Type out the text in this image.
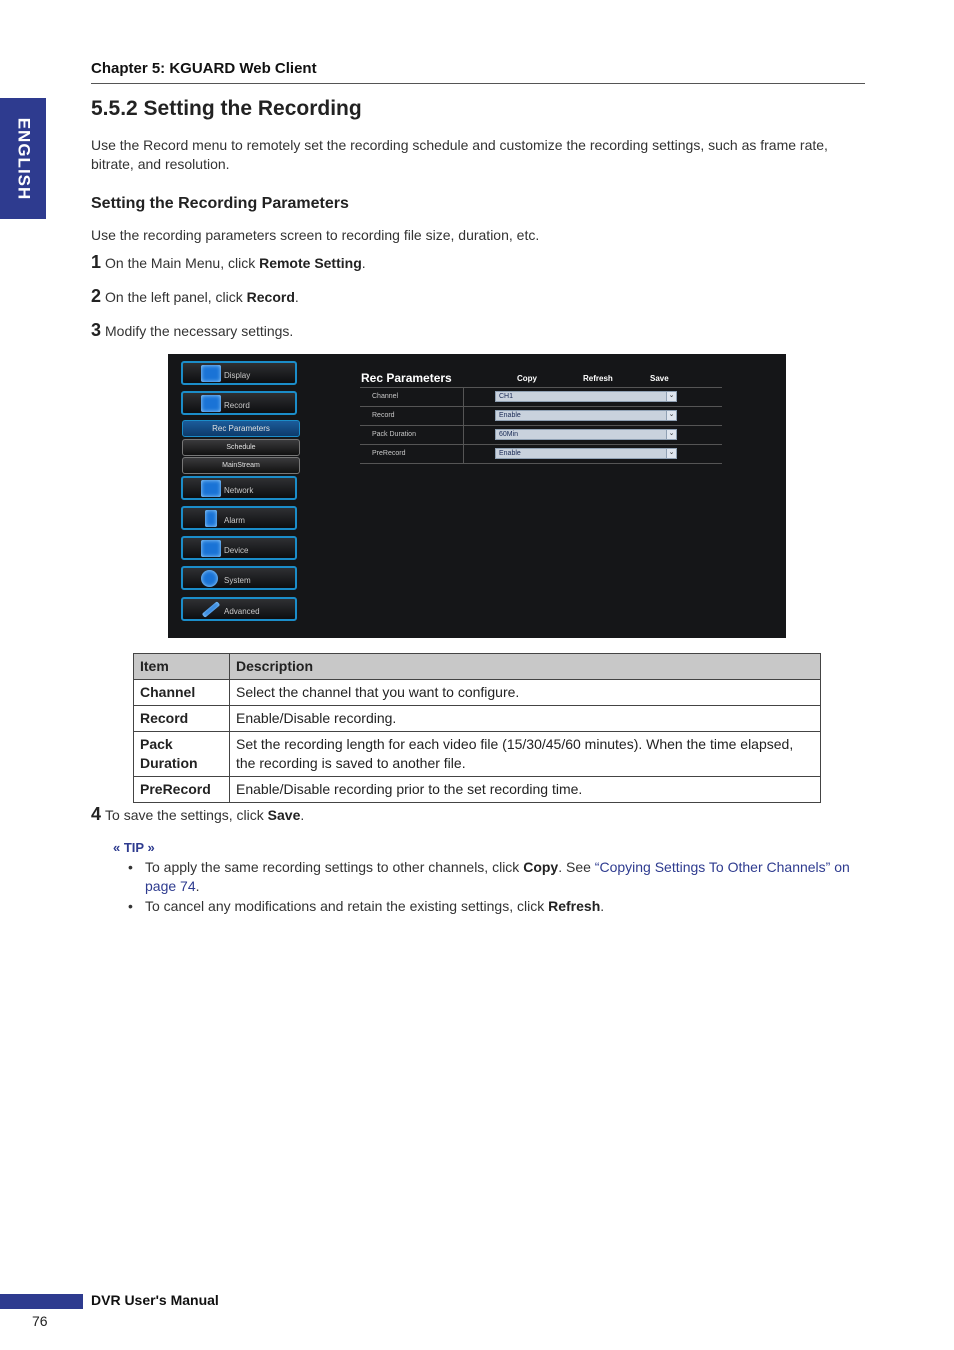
ENGLISH
Chapter 5: KGUARD Web Client
5.5.2 Setting the Recording
Use the Record menu to remotely set the recording schedule and customize the recording settings, such as frame rate,
bitrate, and resolution.
Setting the Recording Parameters
Use the recording parameters screen to recording file size, duration, etc.
1 On the Main Menu, click Remote Setting.
2 On the left panel, click Record.
3 Modify the necessary settings.
Display
Record
Rec Parameters
Schedule
MainStream
Network
Alarm
Device
System
Advanced
Rec Parameters	Copy	Refresh	Save
Channel	CH1	⌄
Record	Enable	⌄
Pack Duration	60Min	⌄
PreRecord	Enable	⌄
Item	Description
Channel	Select the channel that you want to configure.
Record	Enable/Disable recording.
Pack Duration	Set the recording length for each video file (15/30/45/60 minutes). When the time elapsed, the recording is saved to another file.
PreRecord	Enable/Disable recording prior to the set recording time.
4 To save the settings, click Save.
« TIP »
• To apply the same recording settings to other channels, click Copy. See “Copying Settings To Other Channels” on page 74.
• To cancel any modifications and retain the existing settings, click Refresh.
DVR User's Manual
76
